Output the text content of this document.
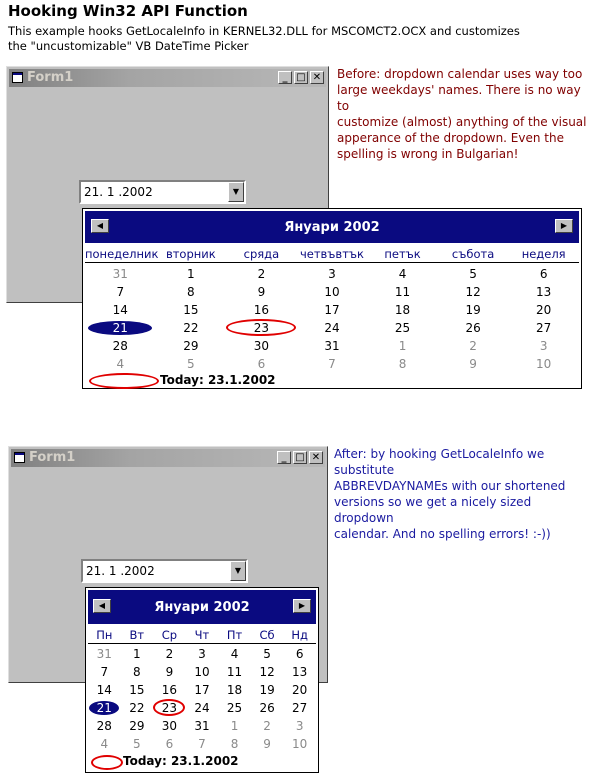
Hooking Win32 API Function
This example hooks GetLocaleInfo in KERNEL32.DLL for MSCOMCT2.OCX and customizes
the "uncustomizable" VB DateTime Picker
Form1	_ □ ✕
21. 1 .2002	▼
◀	Януари 2002	▶
понеделник вторник	сряда	четвъвтък	петък	събота	неделя
31	1	2	3	4	5	6
7	8	9	10	11	12	13
14	15	16	17	18	19	20
21	22	23	24	25	26	27
28	29	30	31	1	2	3
4	5	6	7	8	9	10
Today: 23.1.2002
Before: dropdown calendar uses way too
large weekdays' names. There is no way to
customize (almost) anything of the visual
apperance of the dropdown. Even the
spelling is wrong in Bulgarian!
Form1	_ □ ✕
21. 1 .2002	▼
◀	Януари 2002	▶
Пн	Вт	Ср	Чт	Пт	Сб	Нд
31	1	2	3	4	5	6
7	8	9	10	11	12	13
14	15	16	17	18	19	20
21	22	23	24	25	26	27
28	29	30	31	1	2	3
4	5	6	7	8	9	10
Today: 23.1.2002
After: by hooking GetLocaleInfo we substitute
ABBREVDAYNAMEs with our shortened
versions so we get a nicely sized dropdown
calendar. And no spelling errors! :-))
